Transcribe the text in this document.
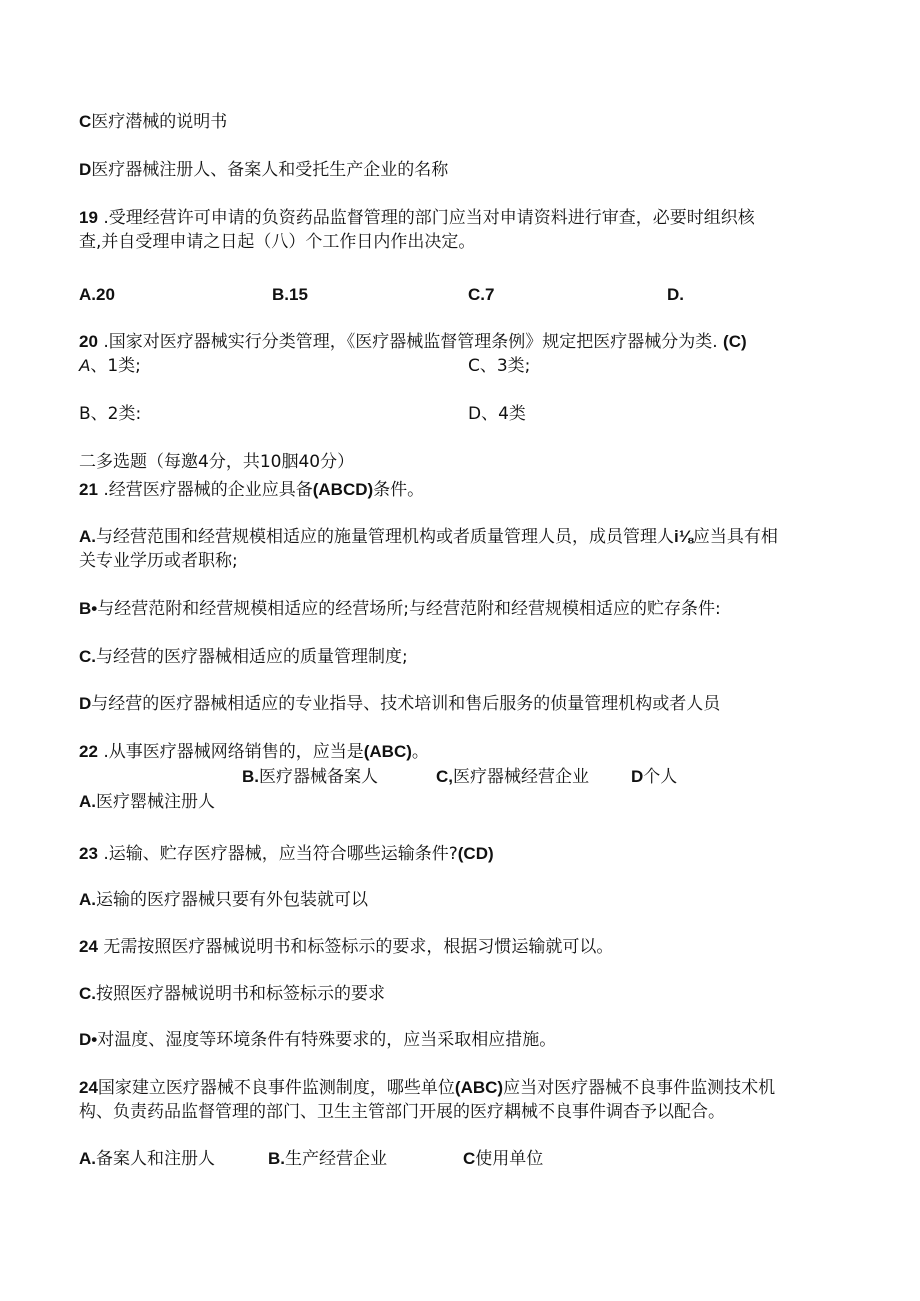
C医疗潜械的说明书
D医疗器械注册人、备案人和受托生产企业的名称
19 .受理经营许可申请的负资药品监督管理的部门应当对申请资料进行审查，必要时组织核
查,并自受理申请之日起（八）个工作日内作出决定。
A.20	B.15	C.7	D.
20 .国家对医疗器械实行分类管理，《医疗器械监督管理条例》规定把医疗器械分为类. (C)
A、1类;	C、3类;
B、2类:	D、4类
二多选题（每邀4分，共10胭40分）
21 .经营医疗器械的企业应具备(ABCD)条件。
A.与经营范围和经营规模相适应的施量管理机构或者质量管理人员，成员管理人i⅛应当具有相
关专业学历或者职称;
B•与经营范附和经营规模相适应的经营场所;与经营范附和经营规模相适应的贮存条件:
C.与经营的医疗器械相适应的质量管理制度;
D与经营的医疗器械相适应的专业指导、技术培训和售后服务的侦量管理机构或者人员
22 .从事医疗器械网络销售的，应当是(ABC)。
B.医疗器械备案人	C,医疗器械经营企业 D个人
A.医疗罂械注册人
23 .运输、贮存医疗器械，应当符合哪些运输条件?(CD)
A.运输的医疗器械只要有外包装就可以
24 无需按照医疗器械说明书和标签标示的要求，根据习惯运输就可以。
C.按照医疗器械说明书和标签标示的要求
D•对温度、湿度等环境条件有特殊要求的，应当采取相应措施。
24国家建立医疗器械不良事件监测制度，哪些单位(ABC)应当对医疗器械不良事件监测技术机
构、负责药品监督管理的部门、卫生主管部门开展的医疗耦械不良事件调杳予以配合。
A.备案人和注册人	B.生产经营企业	C使用单位
